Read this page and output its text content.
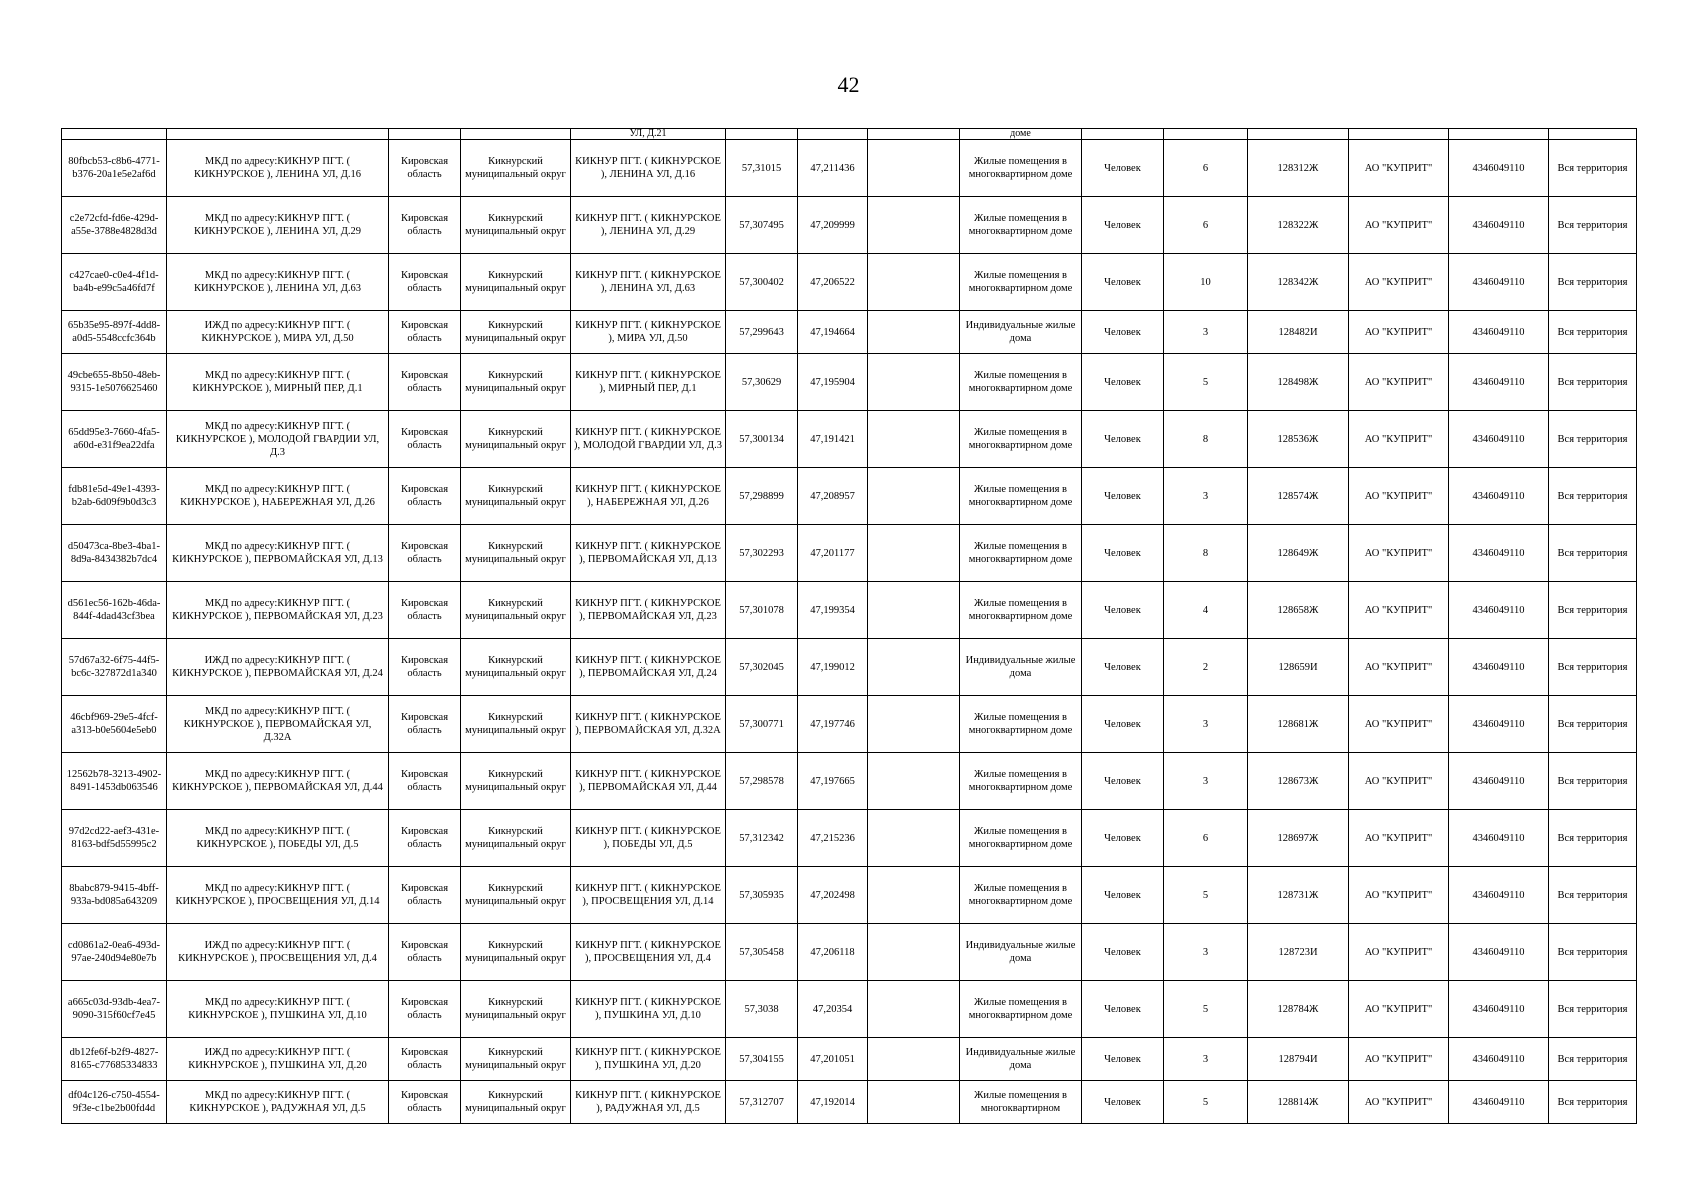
42
				УЛ, Д.21				доме						
80fbcb53-c8b6-4771-b376-20a1e5e2af6d	МКД по адресу:КИКНУР ПГТ. ( КИКНУРСКОЕ ), ЛЕНИНА УЛ, Д.16	Кировская область	Кикнурский муниципальный округ	КИКНУР ПГТ. ( КИКНУРСКОЕ ), ЛЕНИНА УЛ, Д.16	57,31015	47,211436		Жилые помещения в многоквартирном доме	Человек	6	128312Ж	АО "КУПРИТ"	4346049110	Вся территория
c2e72cfd-fd6e-429d-a55e-3788e4828d3d	МКД по адресу:КИКНУР ПГТ. ( КИКНУРСКОЕ ), ЛЕНИНА УЛ, Д.29	Кировская область	Кикнурский муниципальный округ	КИКНУР ПГТ. ( КИКНУРСКОЕ ), ЛЕНИНА УЛ, Д.29	57,307495	47,209999		Жилые помещения в многоквартирном доме	Человек	6	128322Ж	АО "КУПРИТ"	4346049110	Вся территория
c427cae0-c0e4-4f1d-ba4b-e99c5a46fd7f	МКД по адресу:КИКНУР ПГТ. ( КИКНУРСКОЕ ), ЛЕНИНА УЛ, Д.63	Кировская область	Кикнурский муниципальный округ	КИКНУР ПГТ. ( КИКНУРСКОЕ ), ЛЕНИНА УЛ, Д.63	57,300402	47,206522		Жилые помещения в многоквартирном доме	Человек	10	128342Ж	АО "КУПРИТ"	4346049110	Вся территория
65b35e95-897f-4dd8-a0d5-5548ccfc364b	ИЖД по адресу:КИКНУР ПГТ. ( КИКНУРСКОЕ ), МИРА УЛ, Д.50	Кировская область	Кикнурский муниципальный округ	КИКНУР ПГТ. ( КИКНУРСКОЕ ), МИРА УЛ, Д.50	57,299643	47,194664		Индивидуальные жилые дома	Человек	3	128482И	АО "КУПРИТ"	4346049110	Вся территория
49cbe655-8b50-48eb-9315-1e5076625460	МКД по адресу:КИКНУР ПГТ. ( КИКНУРСКОЕ ), МИРНЫЙ ПЕР, Д.1	Кировская область	Кикнурский муниципальный округ	КИКНУР ПГТ. ( КИКНУРСКОЕ ), МИРНЫЙ ПЕР, Д.1	57,30629	47,195904		Жилые помещения в многоквартирном доме	Человек	5	128498Ж	АО "КУПРИТ"	4346049110	Вся территория
65dd95e3-7660-4fa5-a60d-e31f9ea22dfa	МКД по адресу:КИКНУР ПГТ. ( КИКНУРСКОЕ ), МОЛОДОЙ ГВАРДИИ УЛ, Д.3	Кировская область	Кикнурский муниципальный округ	КИКНУР ПГТ. ( КИКНУРСКОЕ ), МОЛОДОЙ ГВАРДИИ УЛ, Д.3	57,300134	47,191421		Жилые помещения в многоквартирном доме	Человек	8	128536Ж	АО "КУПРИТ"	4346049110	Вся территория
fdb81e5d-49e1-4393-b2ab-6d09f9b0d3c3	МКД по адресу:КИКНУР ПГТ. ( КИКНУРСКОЕ ), НАБЕРЕЖНАЯ УЛ, Д.26	Кировская область	Кикнурский муниципальный округ	КИКНУР ПГТ. ( КИКНУРСКОЕ ), НАБЕРЕЖНАЯ УЛ, Д.26	57,298899	47,208957		Жилые помещения в многоквартирном доме	Человек	3	128574Ж	АО "КУПРИТ"	4346049110	Вся территория
d50473ca-8be3-4ba1-8d9a-8434382b7dc4	МКД по адресу:КИКНУР ПГТ. ( КИКНУРСКОЕ ), ПЕРВОМАЙСКАЯ УЛ, Д.13	Кировская область	Кикнурский муниципальный округ	КИКНУР ПГТ. ( КИКНУРСКОЕ ), ПЕРВОМАЙСКАЯ УЛ, Д.13	57,302293	47,201177		Жилые помещения в многоквартирном доме	Человек	8	128649Ж	АО "КУПРИТ"	4346049110	Вся территория
d561ec56-162b-46da-844f-4dad43cf3bea	МКД по адресу:КИКНУР ПГТ. ( КИКНУРСКОЕ ), ПЕРВОМАЙСКАЯ УЛ, Д.23	Кировская область	Кикнурский муниципальный округ	КИКНУР ПГТ. ( КИКНУРСКОЕ ), ПЕРВОМАЙСКАЯ УЛ, Д.23	57,301078	47,199354		Жилые помещения в многоквартирном доме	Человек	4	128658Ж	АО "КУПРИТ"	4346049110	Вся территория
57d67a32-6f75-44f5-bc6c-327872d1a340	ИЖД по адресу:КИКНУР ПГТ. ( КИКНУРСКОЕ ), ПЕРВОМАЙСКАЯ УЛ, Д.24	Кировская область	Кикнурский муниципальный округ	КИКНУР ПГТ. ( КИКНУРСКОЕ ), ПЕРВОМАЙСКАЯ УЛ, Д.24	57,302045	47,199012		Индивидуальные жилые дома	Человек	2	128659И	АО "КУПРИТ"	4346049110	Вся территория
46cbf969-29e5-4fcf-a313-b0e5604e5eb0	МКД по адресу:КИКНУР ПГТ. ( КИКНУРСКОЕ ), ПЕРВОМАЙСКАЯ УЛ, Д.32А	Кировская область	Кикнурский муниципальный округ	КИКНУР ПГТ. ( КИКНУРСКОЕ ), ПЕРВОМАЙСКАЯ УЛ, Д.32А	57,300771	47,197746		Жилые помещения в многоквартирном доме	Человек	3	128681Ж	АО "КУПРИТ"	4346049110	Вся территория
12562b78-3213-4902-8491-1453db063546	МКД по адресу:КИКНУР ПГТ. ( КИКНУРСКОЕ ), ПЕРВОМАЙСКАЯ УЛ, Д.44	Кировская область	Кикнурский муниципальный округ	КИКНУР ПГТ. ( КИКНУРСКОЕ ), ПЕРВОМАЙСКАЯ УЛ, Д.44	57,298578	47,197665		Жилые помещения в многоквартирном доме	Человек	3	128673Ж	АО "КУПРИТ"	4346049110	Вся территория
97d2cd22-aef3-431e-8163-bdf5d55995c2	МКД по адресу:КИКНУР ПГТ. ( КИКНУРСКОЕ ), ПОБЕДЫ УЛ, Д.5	Кировская область	Кикнурский муниципальный округ	КИКНУР ПГТ. ( КИКНУРСКОЕ ), ПОБЕДЫ УЛ, Д.5	57,312342	47,215236		Жилые помещения в многоквартирном доме	Человек	6	128697Ж	АО "КУПРИТ"	4346049110	Вся территория
8babc879-9415-4bff-933a-bd085a643209	МКД по адресу:КИКНУР ПГТ. ( КИКНУРСКОЕ ), ПРОСВЕЩЕНИЯ УЛ, Д.14	Кировская область	Кикнурский муниципальный округ	КИКНУР ПГТ. ( КИКНУРСКОЕ ), ПРОСВЕЩЕНИЯ УЛ, Д.14	57,305935	47,202498		Жилые помещения в многоквартирном доме	Человек	5	128731Ж	АО "КУПРИТ"	4346049110	Вся территория
cd0861a2-0ea6-493d-97ae-240d94e80e7b	ИЖД по адресу:КИКНУР ПГТ. ( КИКНУРСКОЕ ), ПРОСВЕЩЕНИЯ УЛ, Д.4	Кировская область	Кикнурский муниципальный округ	КИКНУР ПГТ. ( КИКНУРСКОЕ ), ПРОСВЕЩЕНИЯ УЛ, Д.4	57,305458	47,206118		Индивидуальные жилые дома	Человек	3	128723И	АО "КУПРИТ"	4346049110	Вся территория
a665c03d-93db-4ea7-9090-315f60cf7e45	МКД по адресу:КИКНУР ПГТ. ( КИКНУРСКОЕ ), ПУШКИНА УЛ, Д.10	Кировская область	Кикнурский муниципальный округ	КИКНУР ПГТ. ( КИКНУРСКОЕ ), ПУШКИНА УЛ, Д.10	57,3038	47,20354		Жилые помещения в многоквартирном доме	Человек	5	128784Ж	АО "КУПРИТ"	4346049110	Вся территория
db12fe6f-b2f9-4827-8165-c77685334833	ИЖД по адресу:КИКНУР ПГТ. ( КИКНУРСКОЕ ), ПУШКИНА УЛ, Д.20	Кировская область	Кикнурский муниципальный округ	КИКНУР ПГТ. ( КИКНУРСКОЕ ), ПУШКИНА УЛ, Д.20	57,304155	47,201051		Индивидуальные жилые дома	Человек	3	128794И	АО "КУПРИТ"	4346049110	Вся территория
df04c126-c750-4554-9f3e-c1be2b00fd4d	МКД по адресу:КИКНУР ПГТ. ( КИКНУРСКОЕ ), РАДУЖНАЯ УЛ, Д.5	Кировская область	Кикнурский муниципальный округ	КИКНУР ПГТ. ( КИКНУРСКОЕ ), РАДУЖНАЯ УЛ, Д.5	57,312707	47,192014		Жилые помещения в многоквартирном	Человек	5	128814Ж	АО "КУПРИТ"	4346049110	Вся территория
